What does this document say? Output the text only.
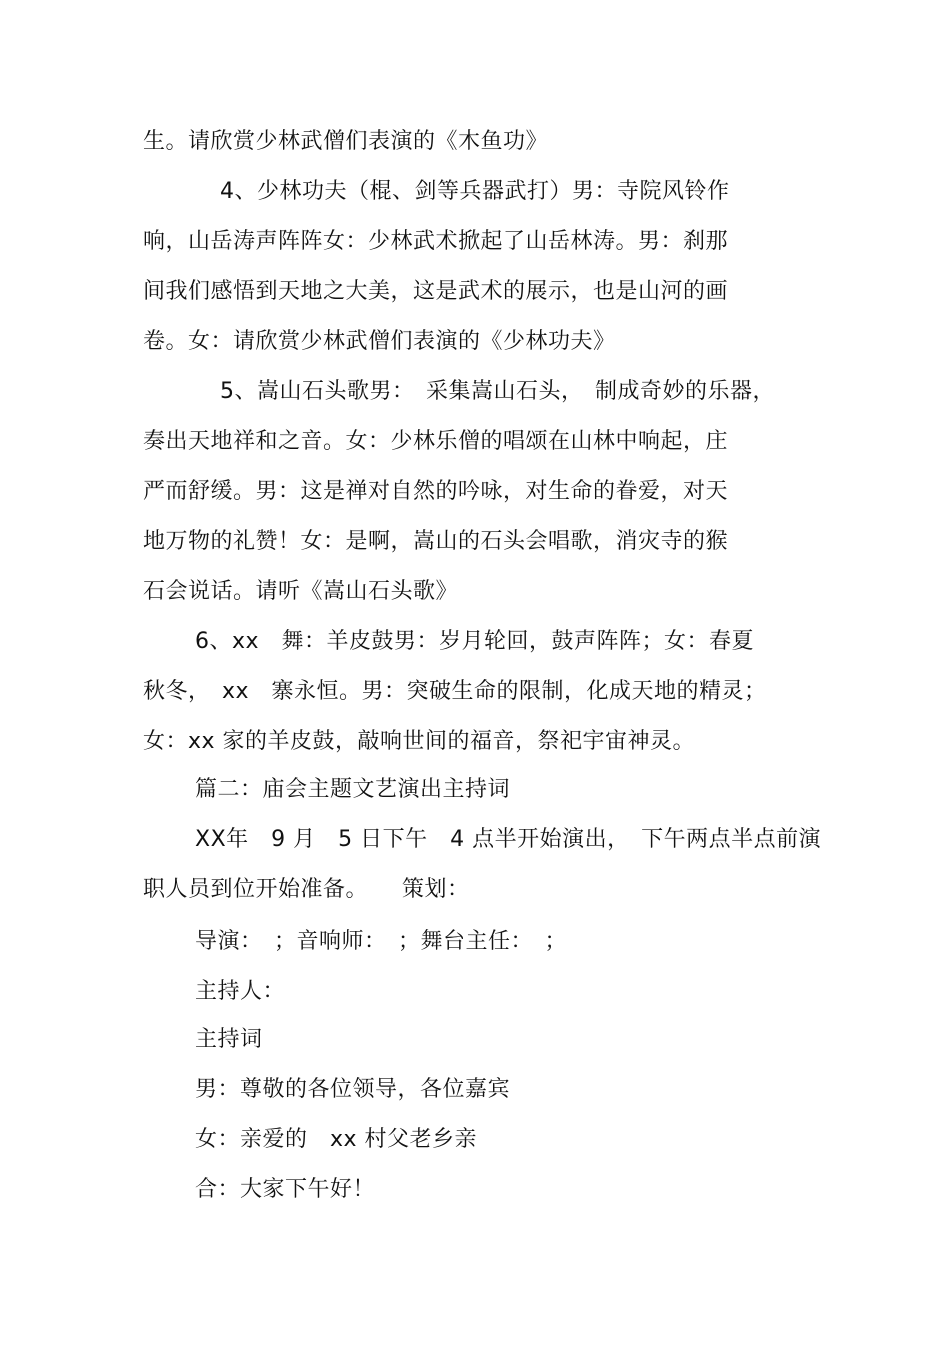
生。请欣赏少林武僧们表演的《木鱼功》
4、少林功夫（棍、剑等兵器武打）男：寺院风铃作
响，山岳涛声阵阵女：少林武术掀起了山岳林涛。男：刹那
间我们感悟到天地之大美，这是武术的展示，也是山河的画
卷。女：请欣赏少林武僧们表演的《少林功夫》
5、嵩山石头歌男：　采集嵩山石头，　制成奇妙的乐器，
奏出天地祥和之音。女：少林乐僧的唱颂在山林中响起，庄
严而舒缓。男：这是禅对自然的吟咏，对生命的眷爱，对天
地万物的礼赞！女：是啊，嵩山的石头会唱歌，消灾寺的猴
石会说话。请听《嵩山石头歌》
6、xx　舞：羊皮鼓男：岁月轮回，鼓声阵阵；女：春夏
秋冬，　xx　寨永恒。男：突破生命的限制，化成天地的精灵；
女：xx 家的羊皮鼓，敲响世间的福音，祭祀宇宙神灵。
篇二：庙会主题文艺演出主持词
XX年　9 月　5 日下午　4 点半开始演出，　下午两点半点前演
职人员到位开始准备。　　策划：
导演：　；音响师：　；舞台主任：　；
主持人：
主持词
男：尊敬的各位领导，各位嘉宾
女：亲爱的　xx 村父老乡亲
合：大家下午好！
